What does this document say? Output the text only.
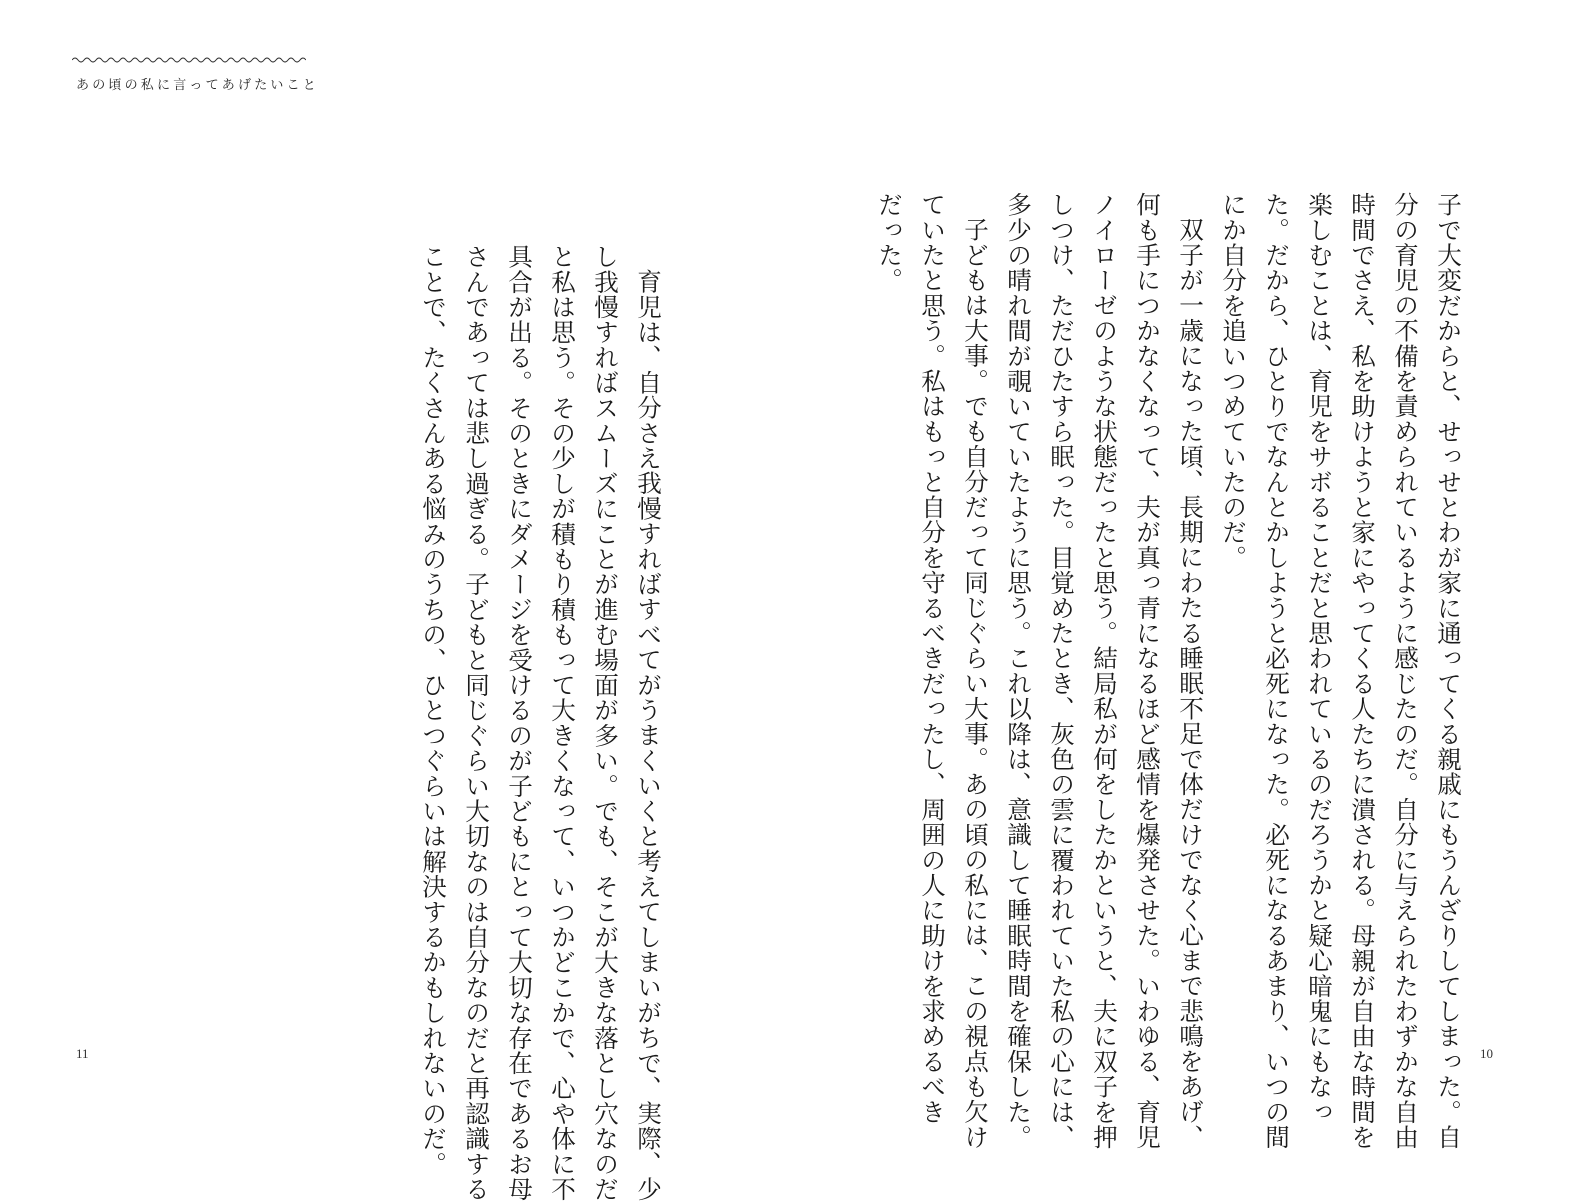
あの頃の私に言ってあげたいこと

子で大変だからと、せっせとわが家に通ってくる親戚にもうんざりしてしまった。自

分の育児の不備を責められているように感じたのだ。自分に与えられたわずかな自由

時間でさえ、私を助けようと家にやってくる人たちに潰される。母親が自由な時間を

楽しむことは、育児をサボることだと思われているのだろうかと疑心暗鬼にもなっ

た。だから、ひとりでなんとかしようと必死になった。必死になるあまり、いつの間

にか自分を追いつめていたのだ。

双子が一歳になった頃、長期にわたる睡眠不足で体だけでなく心まで悲鳴をあげ、

何も手につかなくなって、夫が真っ青になるほど感情を爆発させた。いわゆる、育児

ノイローゼのような状態だったと思う。結局私が何をしたかというと、夫に双子を押

しつけ、ただひたすら眠った。目覚めたとき、灰色の雲に覆われていた私の心には、

多少の晴れ間が覗いていたように思う。これ以降は、意識して睡眠時間を確保した。

子どもは大事。でも自分だって同じぐらい大事。あの頃の私には、この視点も欠け

ていたと思う。私はもっと自分を守るべきだったし、周囲の人に助けを求めるべき

だった。

育児は、自分さえ我慢すればすべてがうまくいくと考えてしまいがちで、実際、少

し我慢すればスムーズにことが進む場面が多い。でも、そこが大きな落とし穴なのだ

と私は思う。その少しが積もり積もって大きくなって、いつかどこかで、心や体に不

具合が出る。そのときにダメージを受けるのが子どもにとって大切な存在であるお母

さんであっては悲し過ぎる。子どもと同じぐらい大切なのは自分なのだと再認識する

ことで、たくさんある悩みのうちの、ひとつぐらいは解決するかもしれないのだ。

11	10
